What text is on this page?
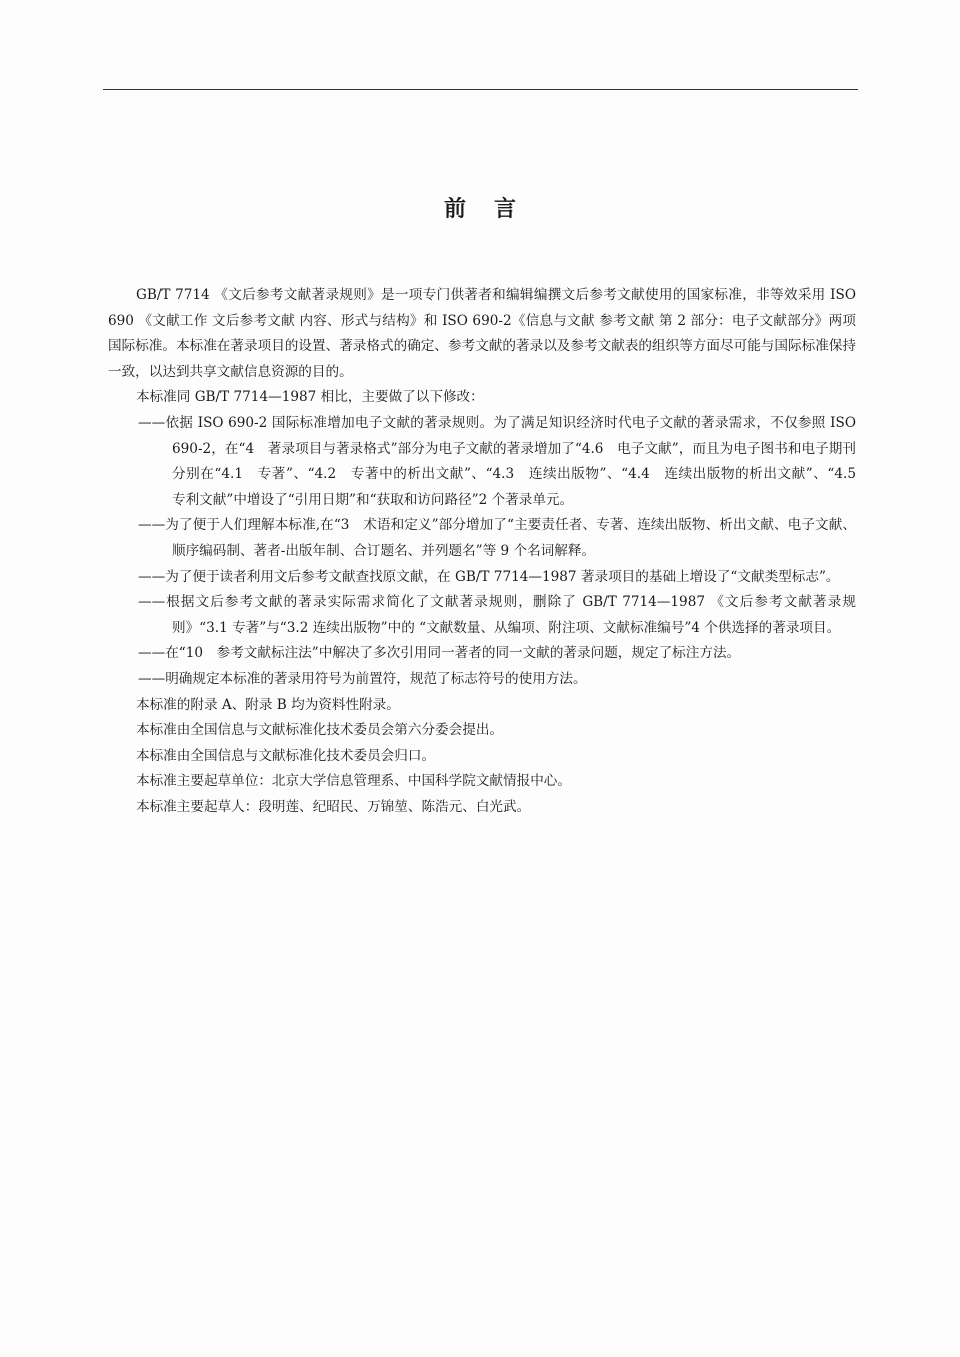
前言

GB/T 7714 《文后参考文献著录规则》是一项专门供著者和编辑编撰文后参考文献使用的国家标准，非等效采用 ISO 690 《文献工作 文后参考文献 内容、形式与结构》和 ISO 690-2《信息与文献 参考文献 第 2 部分：电子文献部分》两项国际标准。本标准在著录项目的设置、著录格式的确定、参考文献的著录以及参考文献表的组织等方面尽可能与国际标准保持一致，以达到共享文献信息资源的目的。

本标准同 GB/T 7714—1987 相比，主要做了以下修改：

——依据 ISO 690-2 国际标准增加电子文献的著录规则。为了满足知识经济时代电子文献的著录需求，不仅参照 ISO 690-2，在“4　著录项目与著录格式”部分为电子文献的著录增加了“4.6　电子文献”，而且为电子图书和电子期刊分别在“4.1　专著”、“4.2　专著中的析出文献”、“4.3　连续出版物”、“4.4　连续出版物的析出文献”、“4.5　专利文献”中增设了“引用日期”和“获取和访问路径”2 个著录单元。

——为了便于人们理解本标准,在“3　术语和定义”部分增加了“主要责任者、专著、连续出版物、析出文献、电子文献、顺序编码制、著者-出版年制、合订题名、并列题名”等 9 个名词解释。

——为了便于读者利用文后参考文献查找原文献，在 GB/T 7714—1987 著录项目的基础上增设了“文献类型标志”。

——根据文后参考文献的著录实际需求简化了文献著录规则，删除了 GB/T 7714—1987 《文后参考文献著录规则》“3.1 专著”与“3.2 连续出版物”中的 “文献数量、从编项、附注项、文献标准编号”4 个供选择的著录项目。

——在“10　参考文献标注法”中解决了多次引用同一著者的同一文献的著录问题，规定了标注方法。

——明确规定本标准的著录用符号为前置符，规范了标志符号的使用方法。

本标准的附录 A、附录 B 均为资料性附录。

本标准由全国信息与文献标准化技术委员会第六分委会提出。

本标准由全国信息与文献标准化技术委员会归口。

本标准主要起草单位：北京大学信息管理系、中国科学院文献情报中心。

本标准主要起草人：段明莲、纪昭民、万锦堃、陈浩元、白光武。
